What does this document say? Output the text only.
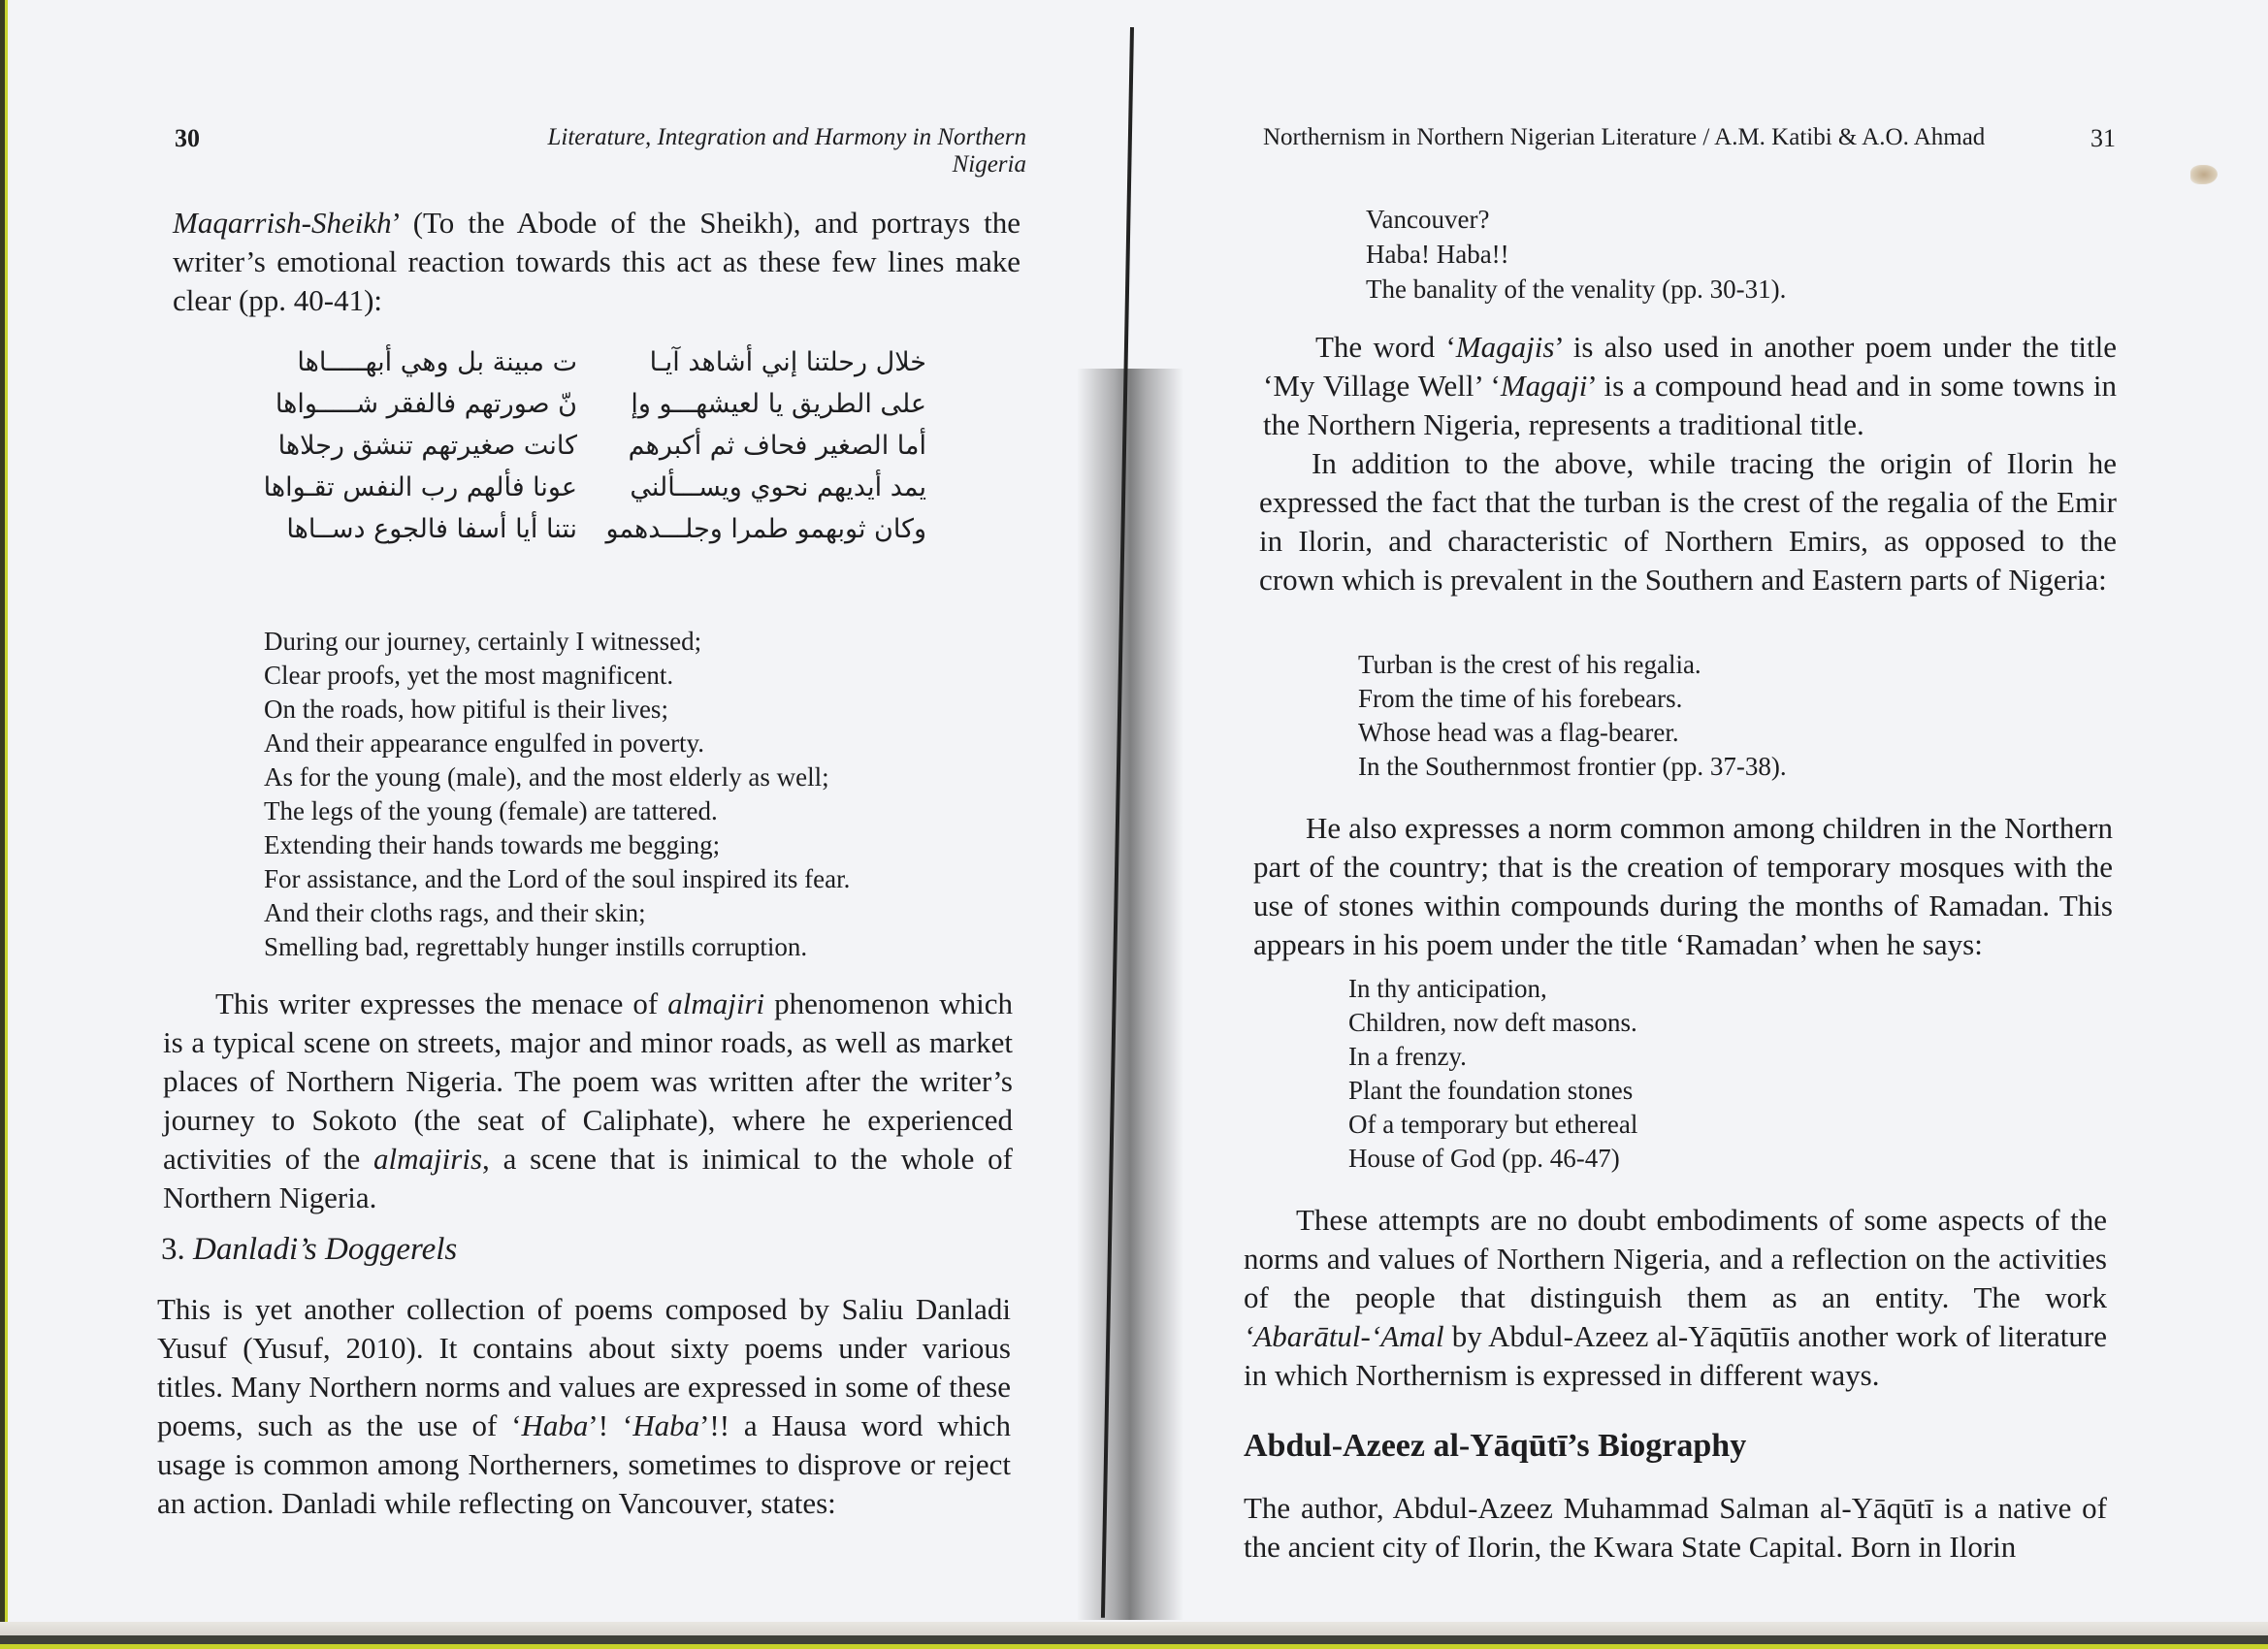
30	Literature, Integration and Harmony in Northern Nigeria

Maqarrish-Sheikh’ (To the Abode of the Sheikh), and portrays the writer’s emotional reaction towards this act as these few lines make clear (pp. 40-41):

خلال رحلتنا إني أشاهد آيـا
على الطريق يا لعيشهـــو وإ
أما الصغير فحاف ثم أكبرهم
يمد أيديهم نحوي ويســـألني
وكان ثوبهمو طمرا وجلـــدهمو
ت مبينة بل وهي أبهـــــاها
نّ صورتهم فالفقر شـــــواها
كانت صغيرتهم تنشق رجلاها
عونا فألهم رب النفس تقـواها
نتنا أيا أسفا فالجوع دســاها
During our journey, certainly I witnessed;
Clear proofs, yet the most magnificent.
On the roads, how pitiful is their lives;
And their appearance engulfed in poverty.
As for the young (male), and the most elderly as well;
The legs of the young (female) are tattered.
Extending their hands towards me begging;
For assistance, and the Lord of the soul inspired its fear.
And their cloths rags, and their skin;
Smelling bad, regrettably hunger instills corruption.

This writer expresses the menace of almajiri phenomenon which is a typical scene on streets, major and minor roads, as well as market places of Northern Nigeria. The poem was written after the writer’s journey to Sokoto (the seat of Caliphate), where he experienced activities of the almajiris, a scene that is inimical to the whole of Northern Nigeria.

3. Danladi’s Doggerels

This is yet another collection of poems composed by Saliu Danladi Yusuf (Yusuf, 2010). It contains about sixty poems under various titles. Many Northern norms and values are expressed in some of these poems, such as the use of ‘Haba’! ‘Haba’!! a Hausa word which usage is common among Northerners, sometimes to disprove or reject an action. Danladi while reflecting on Vancouver, states:

Northernism in Northern Nigerian Literature / A.M. Katibi & A.O. Ahmad	31
Vancouver?
Haba! Haba!!
The banality of the venality (pp. 30-31).

The word ‘Magajis’ is also used in another poem under the title ‘My Village Well’ ‘Magaji’ is a compound head and in some towns in the Northern Nigeria, represents a traditional title.

In addition to the above, while tracing the origin of Ilorin he expressed the fact that the turban is the crest of the regalia of the Emir in Ilorin, and characteristic of Northern Emirs, as opposed to the crown which is prevalent in the Southern and Eastern parts of Nigeria:

Turban is the crest of his regalia.
From the time of his forebears.
Whose head was a flag-bearer.
In the Southernmost frontier (pp. 37-38).

He also expresses a norm common among children in the Northern part of the country; that is the creation of temporary mosques with the use of stones within compounds during the months of Ramadan. This appears in his poem under the title ‘Ramadan’ when he says:

In thy anticipation,
Children, now deft masons.
In a frenzy.
Plant the foundation stones
Of a temporary but ethereal
House of God (pp. 46-47)

These attempts are no doubt embodiments of some aspects of the norms and values of Northern Nigeria, and a reflection on the activities of the people that distinguish them as an entity. The work ‘Abarātul-‘Amal by Abdul-Azeez al-Yāqūtīis another work of literature in which Northernism is expressed in different ways.

Abdul-Azeez al-Yāqūtī’s Biography

The author, Abdul-Azeez Muhammad Salman al-Yāqūtī is a native of the ancient city of Ilorin, the Kwara State Capital. Born in Ilorin
